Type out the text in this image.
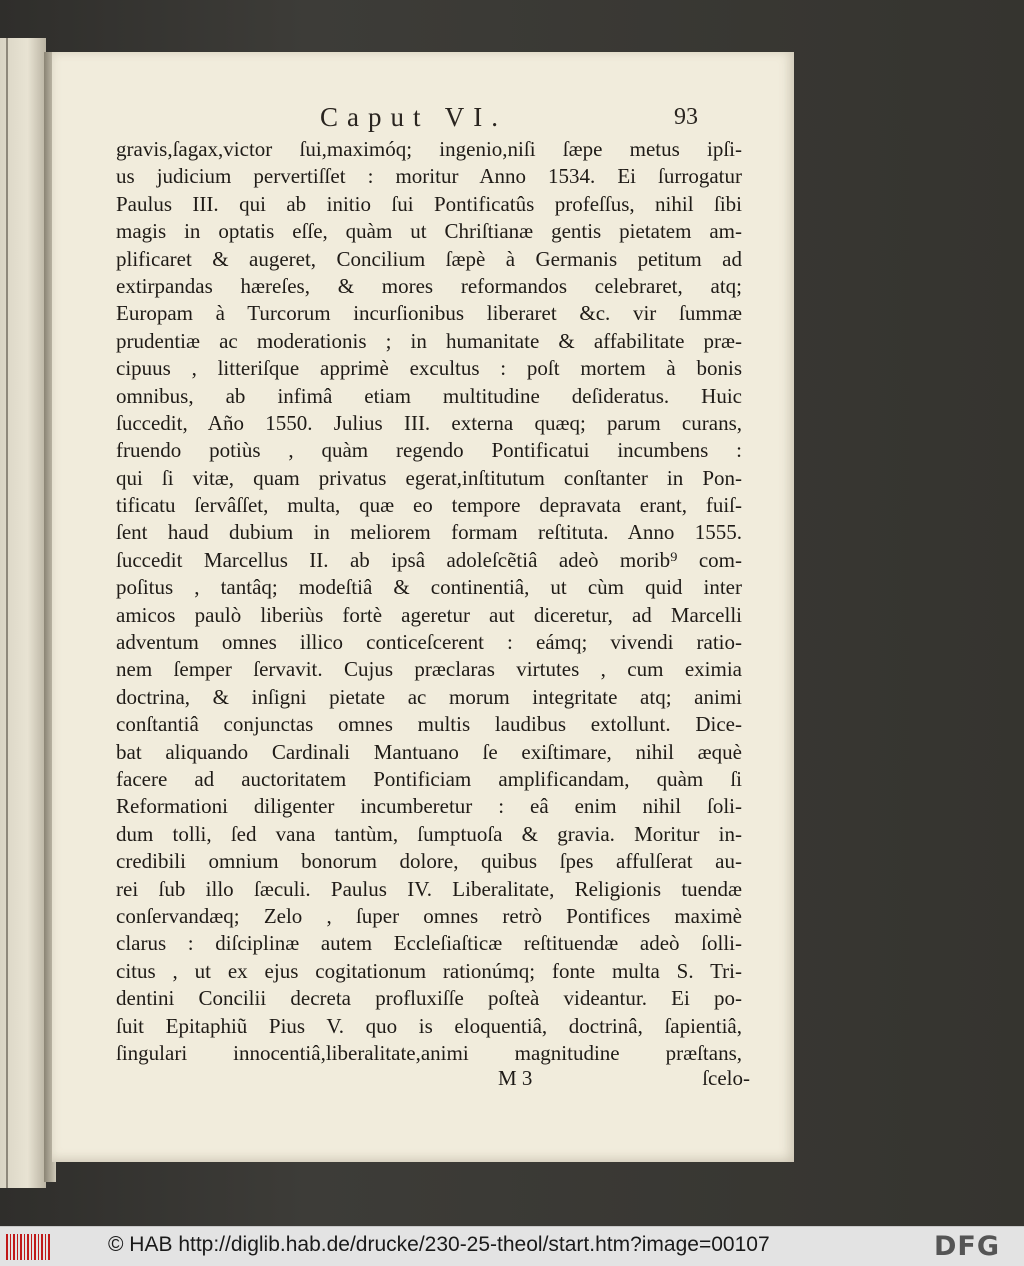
Caput VI.	93
gravis,ſagax,victor ſui,maximóq; ingenio,niſi ſæpe metus ipſi-
us judicium pervertiſſet : moritur Anno 1534. Ei ſurrogatur
Paulus III. qui ab initio ſui Pontificatûs profeſſus, nihil ſibi
magis in optatis eſſe, quàm ut Chriſtianæ gentis pietatem am-
plificaret & augeret, Concilium ſæpè à Germanis petitum ad
extirpandas hæreſes, & mores reformandos celebraret, atq;
Europam à Turcorum incurſionibus liberaret &c. vir ſummæ
prudentiæ ac moderationis ; in humanitate & affabilitate præ-
cipuus , litteriſque apprimè excultus : poſt mortem à bonis
omnibus, ab infimâ etiam multitudine deſideratus. Huic
ſuccedit, Año 1550. Julius III. externa quæq; parum curans,
fruendo potiùs , quàm regendo Pontificatui incumbens :
qui ſi vitæ, quam privatus egerat,inſtitutum conſtanter in Pon-
tificatu ſervâſſet, multa, quæ eo tempore depravata erant, fuiſ-
ſent haud dubium in meliorem formam reſtituta. Anno 1555.
ſuccedit Marcellus II. ab ipsâ adoleſcẽtiâ adeò morib⁹ com-
poſitus , tantâq; modeſtiâ & continentiâ, ut cùm quid inter
amicos paulò liberiùs fortè ageretur aut diceretur, ad Marcelli
adventum omnes illico conticeſcerent : eámq; vivendi ratio-
nem ſemper ſervavit. Cujus præclaras virtutes , cum eximia
doctrina, & inſigni pietate ac morum integritate atq; animi
conſtantiâ conjunctas omnes multis laudibus extollunt. Dice-
bat aliquando Cardinali Mantuano ſe exiſtimare, nihil æquè
facere ad auctoritatem Pontificiam amplificandam, quàm ſi
Reformationi diligenter incumberetur : eâ enim nihil ſoli-
dum tolli, ſed vana tantùm, ſumptuoſa & gravia. Moritur in-
credibili omnium bonorum dolore, quibus ſpes affulſerat au-
rei ſub illo ſæculi. Paulus IV. Liberalitate, Religionis tuendæ
conſervandæq; Zelo , ſuper omnes retrò Pontifices maximè
clarus : diſciplinæ autem Eccleſiaſticæ reſtituendæ adeò ſolli-
citus , ut ex ejus cogitationum rationúmq; fonte multa S. Tri-
dentini Concilii decreta profluxiſſe poſteà videantur. Ei po-
ſuit Epitaphiũ Pius V. quo is eloquentiâ, doctrinâ, ſapientiâ,
ſingulari innocentiâ,liberalitate,animi magnitudine præſtans,
M 3	ſcelo-
© HAB http://diglib.hab.de/drucke/230-25-theol/start.htm?image=00107	DFG
